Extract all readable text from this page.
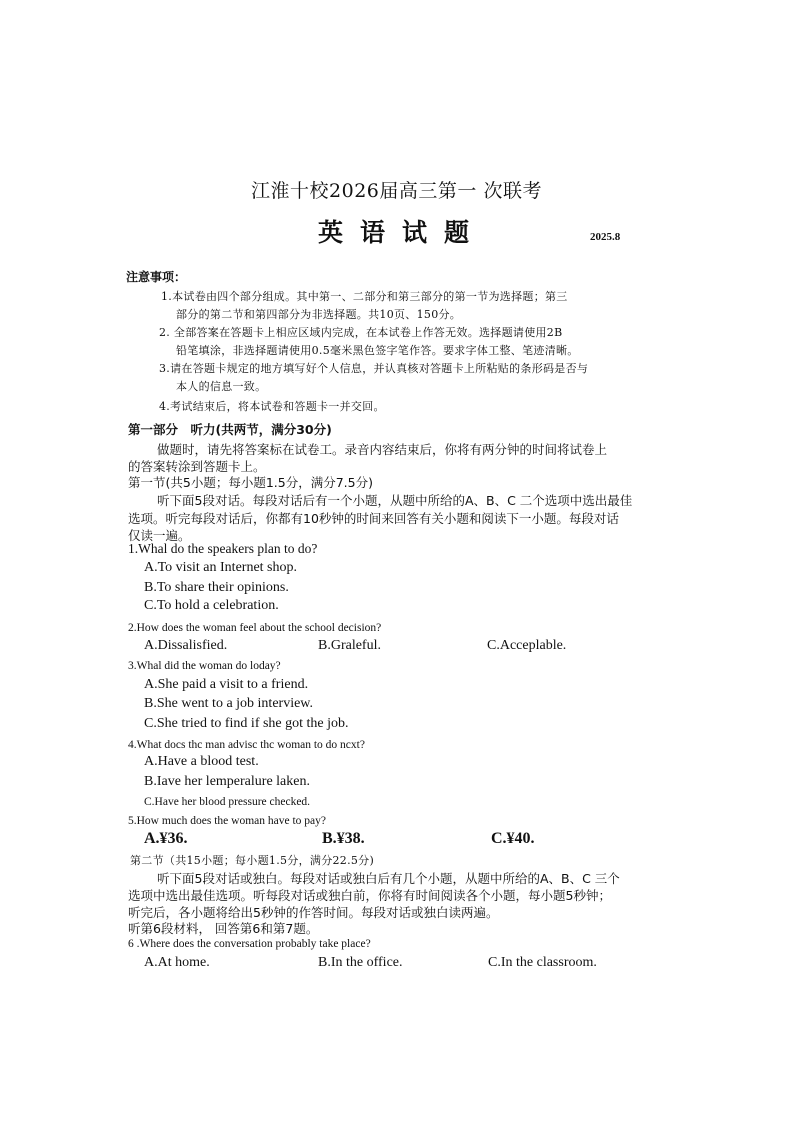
江淮十校2026届高三第一 次联考
英语试题	2025.8
注意事项：
1.本试卷由四个部分组成。其中第一、二部分和第三部分的第一节为选择题；第三
部分的第二节和第四部分为非选择题。共10页、150分。
2. 全部答案在答题卡上相应区域内完成，在本试卷上作答无效。选择题请使用2B
铅笔填涂，非选择题请使用0.5毫米黑色签字笔作答。要求字体工整、笔迹清晰。
3.请在答题卡规定的地方填写好个人信息，并认真核对答题卡上所粘贴的条形码是否与
本人的信息一致。
4.考试结束后，将本试卷和答题卡一并交回。
第一部分　听力(共两节，满分30分)
做题时，请先将答案标在试卷工。录音内容结束后，你将有两分钟的时间将试卷上
的答案转涂到答题卡上。
第一节(共5小题；每小题1.5分，满分7.5分)
听下面5段对话。每段对话后有一个小题，从题中所给的A、B、C 二个选项中选出最佳
选项。听完每段对话后，你都有10秒钟的时间来回答有关小题和阅读下一小题。每段对话
仅读一遍。
1.Whal do the speakers plan to do?
A.To visit an Internet shop.
B.To share their opinions.
C.To hold a celebration.
2.How does the woman feel about the school decision?
A.Dissalisfied.	B.Graleful.	C.Acceplable.
3.Whal did the woman do loday?
A.She paid a visit to a friend.
B.She went to a job interview.
C.She tried to find if she got the job.
4.What docs thc man advisc thc woman to do ncxt?
A.Have a blood test.
B.Iave her lemperalure laken.
C.Have her blood pressure checked.
5.How much does the woman have to pay?
A.¥36.	B.¥38.	C.¥40.
第二节（共15小题；每小题1.5分，满分22.5分)
听下面5段对话或独白。每段对话或独白后有几个小题，从题中所给的A、B、C 三个
选项中选出最佳选项。听每段对话或独白前，你将有时间阅读各个小题，每小题5秒钟；
听完后，各小题将给出5秒钟的作答时间。每段对话或独白读两遍。
听第6段材料， 回答第6和第7题。
6 .Where does the conversation probably take place?
A.At home.	B.In the office.	C.In the classroom.
